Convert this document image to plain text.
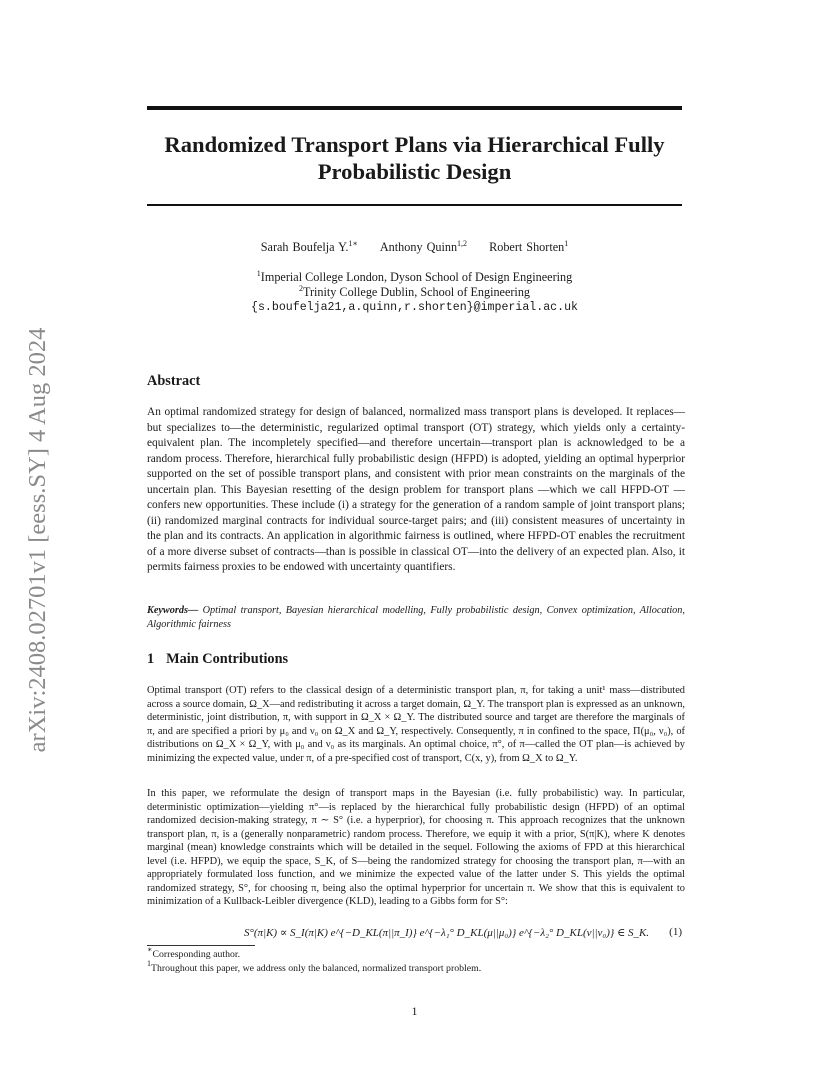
arXiv:2408.02701v1 [eess.SY] 4 Aug 2024
Randomized Transport Plans via Hierarchical Fully Probabilistic Design
Sarah Boufelja Y.$^{1∗}$ Anthony Quinn$^{1,2}$ Robert Shorten$^1$
$^1$Imperial College London, Dyson School of Design Engineering
$^2$Trinity College Dublin, School of Engineering
{s.boufelja21,a.quinn,r.shorten}@imperial.ac.uk
Abstract

An optimal randomized strategy for design of balanced, normalized mass transport plans is developed. It replaces—but specializes to—the deterministic, regularized optimal transport (OT) strategy, which yields only a certainty-equivalent plan. The incompletely specified—and therefore uncertain—transport plan is acknowledged to be a random process. Therefore, hierarchical fully probabilistic design (HFPD) is adopted, yielding an optimal hyperprior supported on the set of possible transport plans, and consistent with prior mean constraints on the marginals of the uncertain plan. This Bayesian resetting of the design problem for transport plans —which we call HFPD-OT — confers new opportunities. These include (i) a strategy for the generation of a random sample of joint transport plans; (ii) randomized marginal contracts for individual source-target pairs; and (iii) consistent measures of uncertainty in the plan and its contracts. An application in algorithmic fairness is outlined, where HFPD-OT enables the recruitment of a more diverse subset of contracts—than is possible in classical OT—into the delivery of an expected plan. Also, it permits fairness proxies to be endowed with uncertainty quantifiers.

Keywords— Optimal transport, Bayesian hierarchical modelling, Fully probabilistic design, Convex optimization, Allocation, Algorithmic fairness

1 Main Contributions

Optimal transport (OT) refers to the classical design of a deterministic transport plan, π, for taking a unit¹ mass—distributed across a source domain, Ω_X—and redistributing it across a target domain, Ω_Y. The transport plan is expressed as an unknown, deterministic, joint distribution, π, with support in Ω_X × Ω_Y. The distributed source and target are therefore the marginals of π, and are specified a priori by μ₀ and ν₀ on Ω_X and Ω_Y, respectively. Consequently, π in confined to the space, Π(μ₀, ν₀), of distributions on Ω_X × Ω_Y, with μ₀ and ν₀ as its marginals. An optimal choice, π°, of π—called the OT plan—is achieved by minimizing the expected value, under π, of a pre-specified cost of transport, C(x, y), from Ω_X to Ω_Y.

In this paper, we reformulate the design of transport maps in the Bayesian (i.e. fully probabilistic) way. In particular, deterministic optimization—yielding π°—is replaced by the hierarchical fully probabilistic design (HFPD) of an optimal randomized decision-making strategy, π ∼ S° (i.e. a hyperprior), for choosing π. This approach recognizes that the unknown transport plan, π, is a (generally nonparametric) random process. Therefore, we equip it with a prior, S(π|K), where K denotes marginal (mean) knowledge constraints which will be detailed in the sequel. Following the axioms of FPD at this hierarchical level (i.e. HFPD), we equip the space, S_K, of S—being the randomized strategy for choosing the transport plan, π—with an appropriately formulated loss function, and we minimize the expected value of the latter under S. This yields the optimal randomized strategy, S°, for choosing π, being also the optimal hyperprior for uncertain π. We show that this is equivalent to minimization of a Kullback-Leibler divergence (KLD), leading to a Gibbs form for S°:

S°(π|K) ∝ S_I(π|K) e^{−D_KL(π||π_I)} e^{−λ₁° D_KL(μ||μ₀)} e^{−λ₂° D_KL(ν||ν₀)} ∈ S_K. (1)

∗Corresponding author.

$^1$Throughout this paper, we address only the balanced, normalized transport problem.

1
